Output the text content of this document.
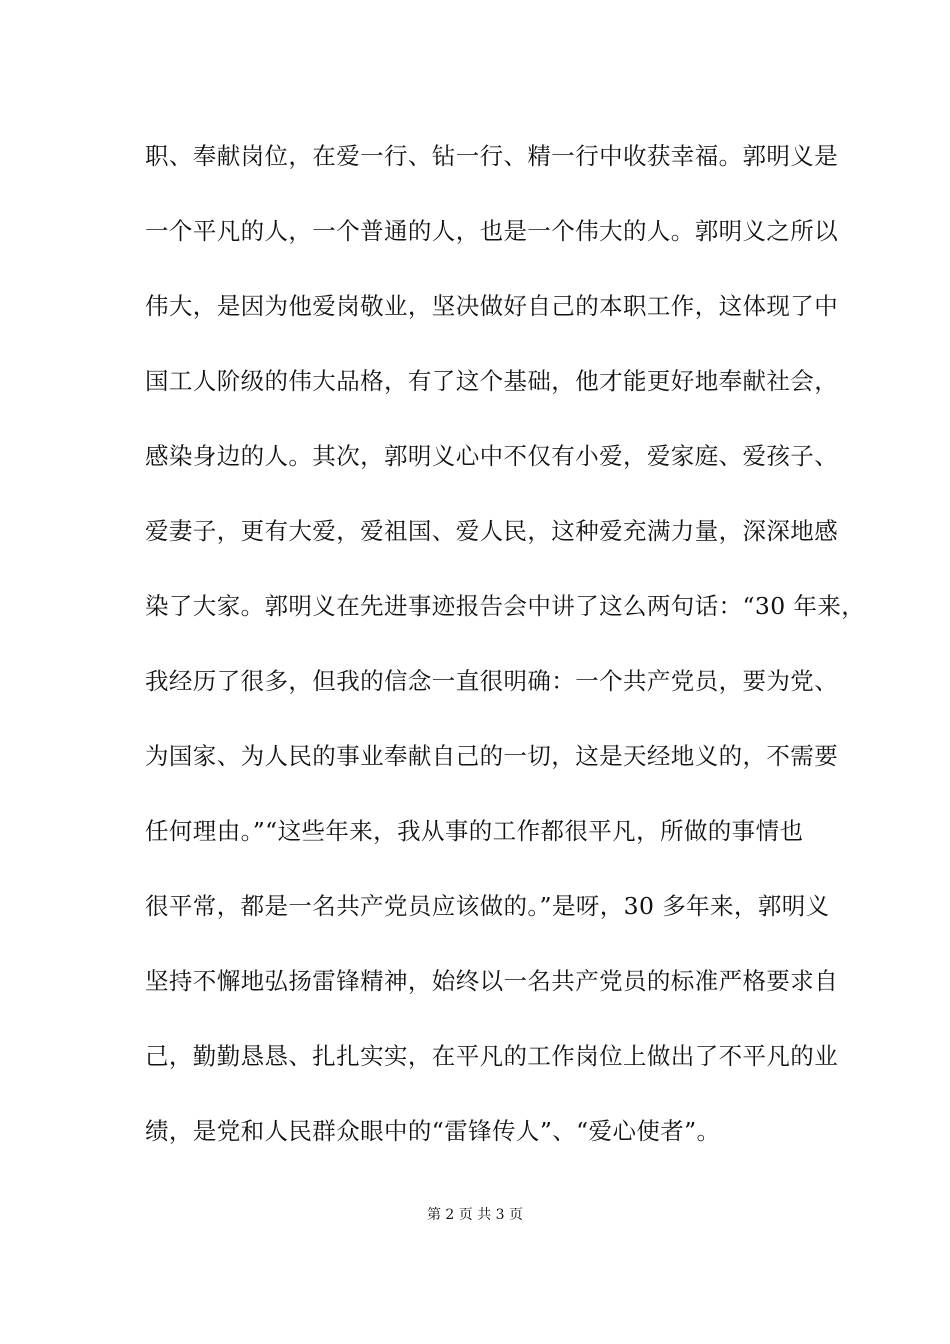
职、奉献岗位，在爱一行、钻一行、精一行中收获幸福。郭明义是
一个平凡的人，一个普通的人，也是一个伟大的人。郭明义之所以
伟大，是因为他爱岗敬业，坚决做好自己的本职工作，这体现了中
国工人阶级的伟大品格，有了这个基础，他才能更好地奉献社会，
感染身边的人。其次，郭明义心中不仅有小爱，爱家庭、爱孩子、
爱妻子，更有大爱，爱祖国、爱人民，这种爱充满力量，深深地感
染了大家。郭明义在先进事迹报告会中讲了这么两句话：“30 年来，
我经历了很多，但我的信念一直很明确：一个共产党员，要为党、
为国家、为人民的事业奉献自己的一切，这是天经地义的，不需要
任何理由。”“这些年来，我从事的工作都很平凡，所做的事情也
很平常，都是一名共产党员应该做的。”是呀，30 多年来，郭明义
坚持不懈地弘扬雷锋精神，始终以一名共产党员的标准严格要求自
己，勤勤恳恳、扎扎实实，在平凡的工作岗位上做出了不平凡的业
绩，是党和人民群众眼中的“雷锋传人”、“爱心使者”。
第 2 页 共 3 页
